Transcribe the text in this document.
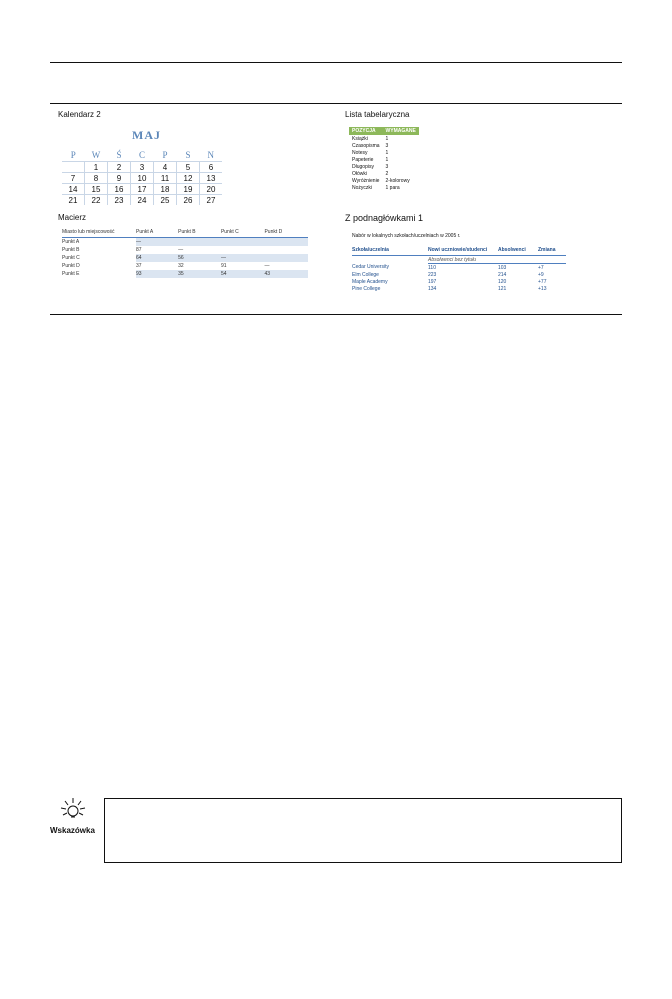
Kalendarz 2
MAJ
P	W	Ś	C	P	S	N
	1	2	3	4	5	6
7	8	9	10	11	12	13
14	15	16	17	18	19	20
21	22	23	24	25	26	27
Macierz
Miasto lub miejscowość	Punkt A	Punkt B	Punkt C	Punkt D
Punkt A	—			
Punkt B	87	—		
Punkt C	64	56	—	
Punkt D	37	32	91	—
Punkt E	93	35	54	43
Lista tabelaryczna
POZYCJA	WYMAGANE
Książki	1
Czasopisma	3
Notesy	1
Papeterie	1
Długopisy	3
Ołówki	2
Wyróżnienie	2-kolorowy
Nożyczki	1 para
Z podnagłówkami 1
Nabór w lokalnych szkołach/uczelniach w 2005 r.
Szkoła/uczelnia	Nowi uczniowie/studenci	Absolwenci	Zmiana
	Absolwenci bez tytułu		
Cedar University	110	103	+7
Elm College	223	214	+9
Maple Academy	197	120	+77
Pine College	134	121	+13
Wskazówka
